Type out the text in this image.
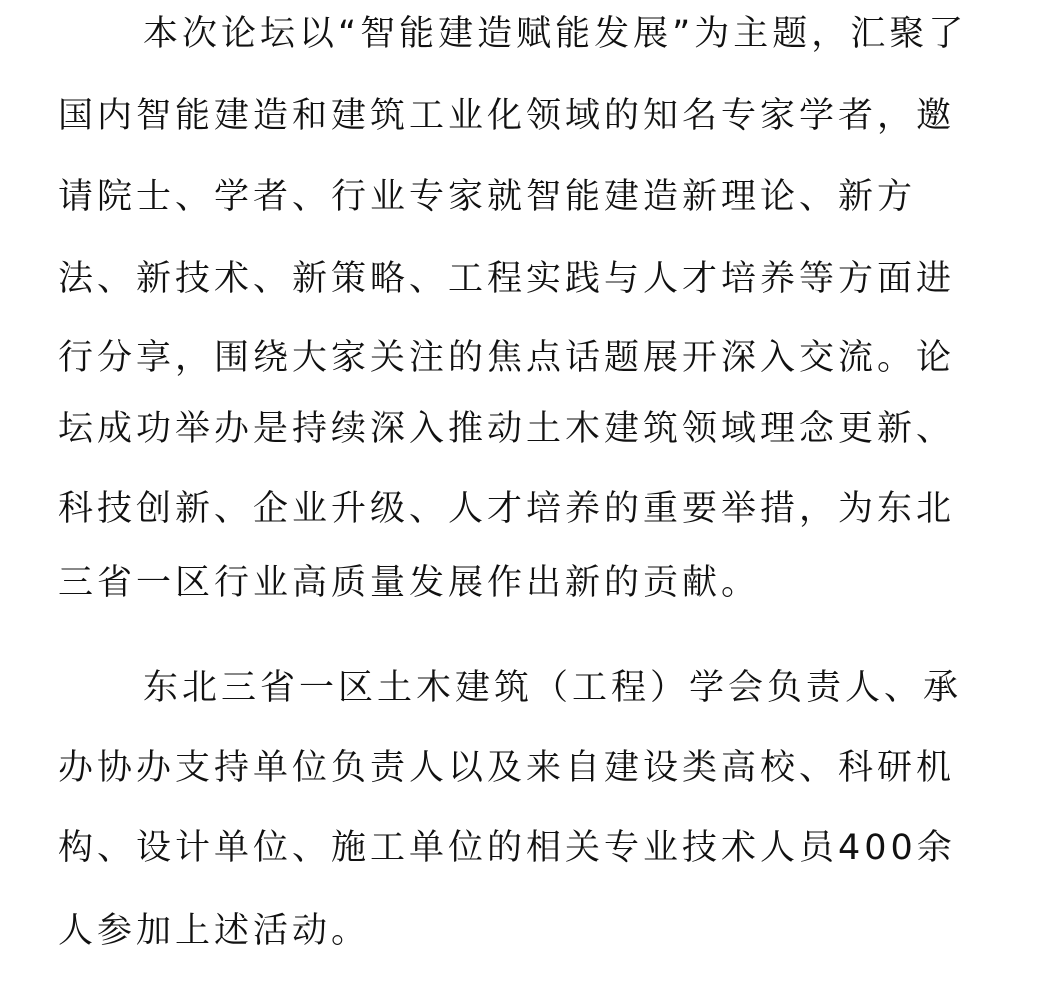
本次论坛以“智能建造赋能发展”为主题，汇聚了
国内智能建造和建筑工业化领域的知名专家学者，邀
请院士、学者、行业专家就智能建造新理论、新方
法、新技术、新策略、工程实践与人才培养等方面进
行分享，围绕大家关注的焦点话题展开深入交流。论
坛成功举办是持续深入推动土木建筑领域理念更新、
科技创新、企业升级、人才培养的重要举措，为东北
三省一区行业高质量发展作出新的贡献。
东北三省一区土木建筑（工程）学会负责人、承
办协办支持单位负责人以及来自建设类高校、科研机
构、设计单位、施工单位的相关专业技术人员400余
人参加上述活动。
